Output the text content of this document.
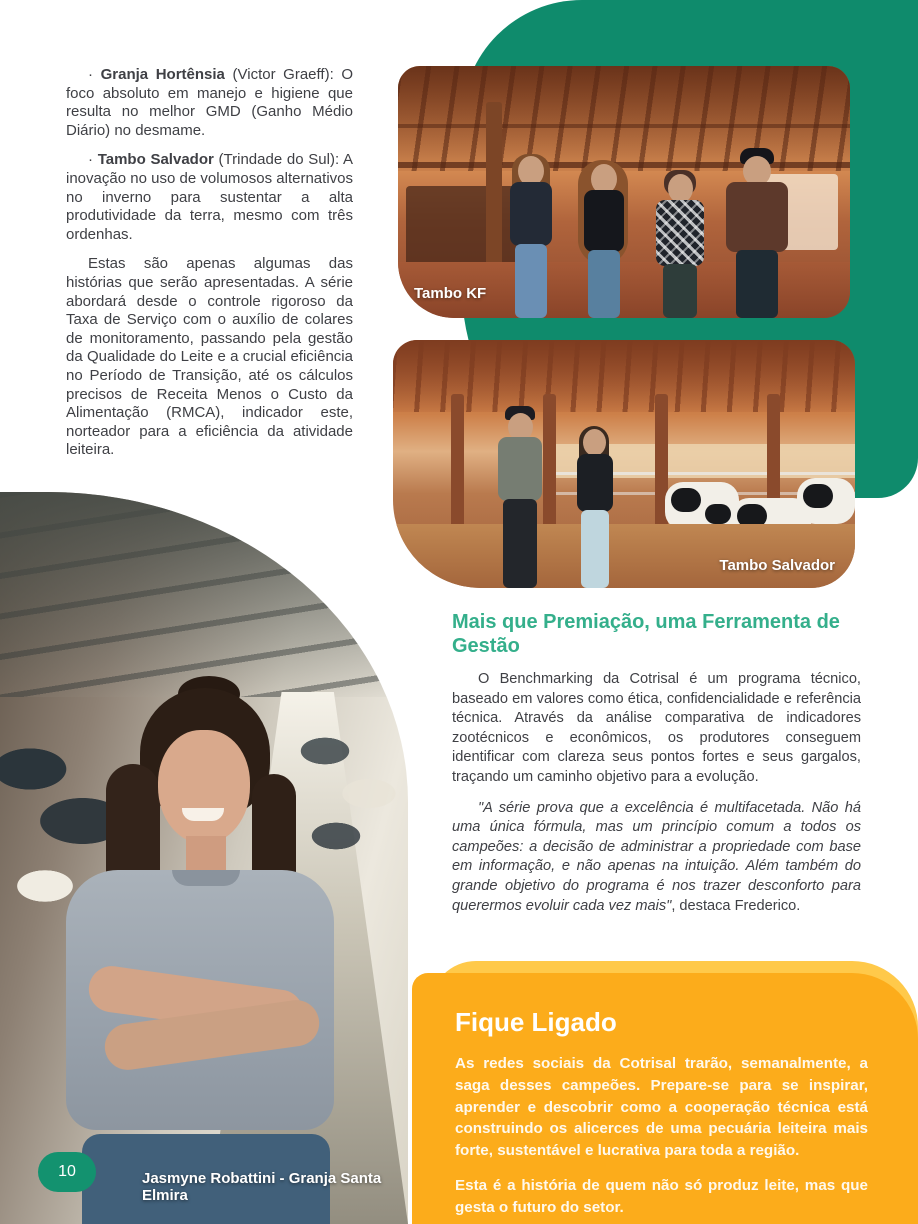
Tambo KF
Tambo Salvador

· Granja Hortênsia (Victor Graeff): O foco absoluto em manejo e higiene que resulta no melhor GMD (Ganho Médio Diário) no desmame.

· Tambo Salvador (Trindade do Sul): A inovação no uso de volumosos alternativos no inverno para sustentar a alta produtividade da terra, mesmo com três ordenhas.

Estas são apenas algumas das histórias que serão apresentadas. A série abordará desde o controle rigoroso da Taxa de Serviço com o auxílio de colares de monitoramento, passando pela gestão da Qualidade do Leite e a crucial eficiência no Período de Transição, até os cálculos precisos de Receita Menos o Custo da Alimentação (RMCA), indicador este, norteador para a eficiência da atividade leiteira.

Mais que Premiação, uma Ferramenta de Gestão

O Benchmarking da Cotrisal é um programa técnico, baseado em valores como ética, confidencialidade e referência técnica. Através da análise comparativa de indicadores zootécnicos e econômicos, os produtores conseguem identificar com clareza seus pontos fortes e seus gargalos, traçando um caminho objetivo para a evolução.

"A série prova que a excelência é multifacetada. Não há uma única fórmula, mas um princípio comum a todos os campeões: a decisão de administrar a propriedade com base em informação, e não apenas na intuição. Além também do grande objetivo do programa é nos trazer desconforto para querermos evoluir cada vez mais", destaca Frederico.

Fique Ligado

As redes sociais da Cotrisal trarão, semanalmente, a saga desses campeões. Prepare-se para se inspirar, aprender e descobrir como a cooperação técnica está construindo os alicerces de uma pecuária leiteira mais forte, sustentável e lucrativa para toda a região.

Esta é a história de quem não só produz leite, mas que gesta o futuro do setor.

10	Jasmyne Robattini - Granja Santa Elmira
